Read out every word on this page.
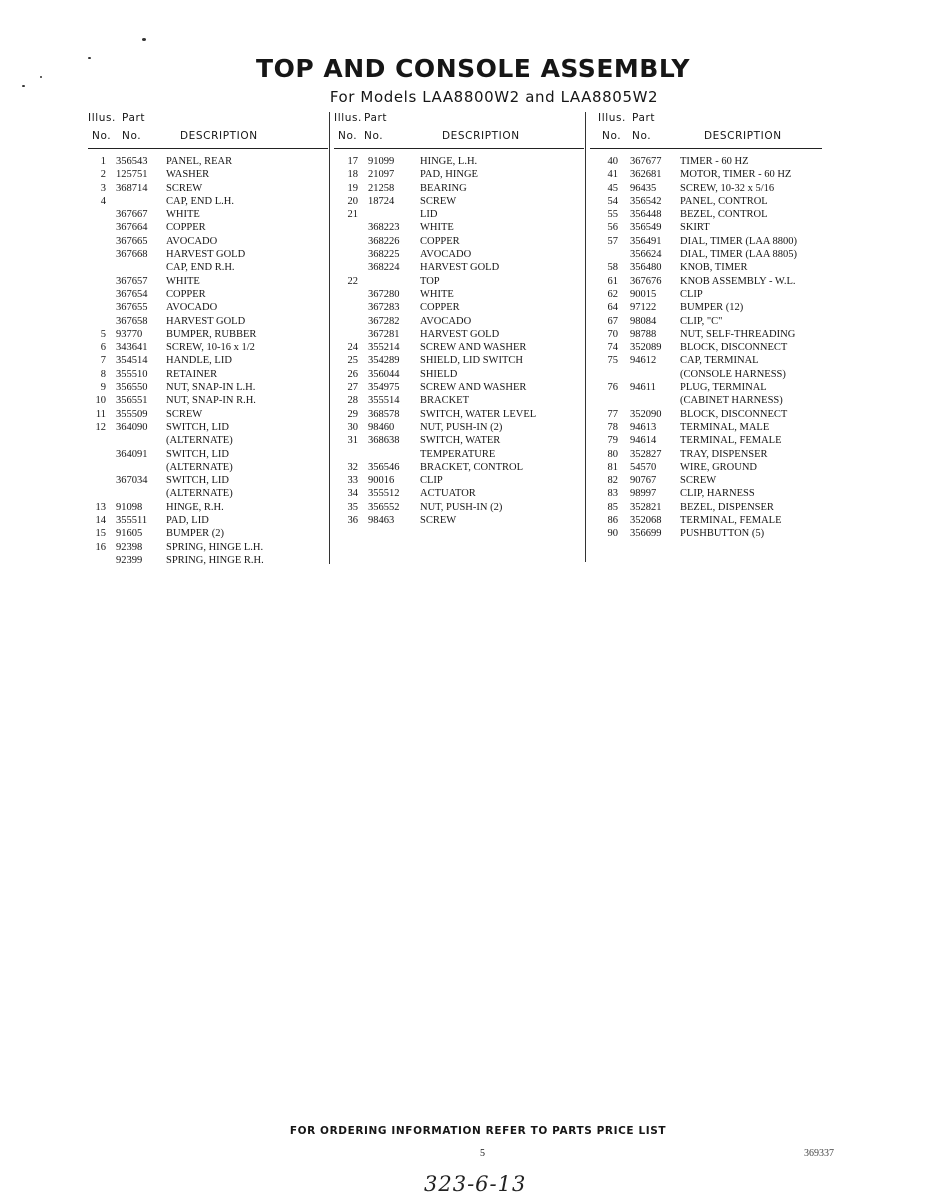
TOP AND CONSOLE ASSEMBLY
For Models LAA8800W2 and LAA8805W2
Illus. Part
No. No.	DESCRIPTION
1 356543 PANEL, REAR
2 125751 WASHER
3 368714 SCREW
4	CAP, END L.H.
367667 WHITE
367664 COPPER
367665 AVOCADO
367668 HARVEST GOLD
CAP, END R.H.
367657 WHITE
367654 COPPER
367655 AVOCADO
367658 HARVEST GOLD
5 93770 BUMPER, RUBBER
6 343641 SCREW, 10-16 x 1/2
7 354514 HANDLE, LID
8 355510 RETAINER
9 356550 NUT, SNAP-IN L.H.
10 356551 NUT, SNAP-IN R.H.
11 355509 SCREW
12 364090 SWITCH, LID
(ALTERNATE)
364091 SWITCH, LID
(ALTERNATE)
367034 SWITCH, LID
(ALTERNATE)
13 91098 HINGE, R.H.
14 355511 PAD, LID
15 91605 BUMPER (2)
16 92398 SPRING, HINGE L.H.
92399 SPRING, HINGE R.H.
Illus. Part
No. No.	DESCRIPTION
17 91099 HINGE, L.H.
18 21097 PAD, HINGE
19 21258 BEARING
20 18724 SCREW
21	LID
368223 WHITE
368226 COPPER
368225 AVOCADO
368224 HARVEST GOLD
22	TOP
367280 WHITE
367283 COPPER
367282 AVOCADO
367281 HARVEST GOLD
24 355214 SCREW AND WASHER
25 354289 SHIELD, LID SWITCH
26 356044 SHIELD
27 354975 SCREW AND WASHER
28 355514 BRACKET
29 368578 SWITCH, WATER LEVEL
30 98460 NUT, PUSH-IN (2)
31 368638 SWITCH, WATER
TEMPERATURE
32 356546 BRACKET, CONTROL
33 90016 CLIP
34 355512 ACTUATOR
35 356552 NUT, PUSH-IN (2)
36 98463 SCREW
Illus. Part
No. No.	DESCRIPTION
40 367677 TIMER - 60 HZ
41 362681 MOTOR, TIMER - 60 HZ
45 96435 SCREW, 10-32 x 5/16
54 356542 PANEL, CONTROL
55 356448 BEZEL, CONTROL
56 356549 SKIRT
57 356491 DIAL, TIMER (LAA 8800)
356624 DIAL, TIMER (LAA 8805)
58 356480 KNOB, TIMER
61 367676 KNOB ASSEMBLY - W.L.
62 90015 CLIP
64 97122 BUMPER (12)
67 98084 CLIP, "C"
70 98788 NUT, SELF-THREADING
74 352089 BLOCK, DISCONNECT
75 94612 CAP, TERMINAL
(CONSOLE HARNESS)
76 94611 PLUG, TERMINAL
(CABINET HARNESS)
77 352090 BLOCK, DISCONNECT
78 94613 TERMINAL, MALE
79 94614 TERMINAL, FEMALE
80 352827 TRAY, DISPENSER
81 54570 WIRE, GROUND
82 90767 SCREW
83 98997 CLIP, HARNESS
85 352821 BEZEL, DISPENSER
86 352068 TERMINAL, FEMALE
90 356699 PUSHBUTTON (5)
FOR ORDERING INFORMATION REFER TO PARTS PRICE LIST
5	369337
323-6-13
